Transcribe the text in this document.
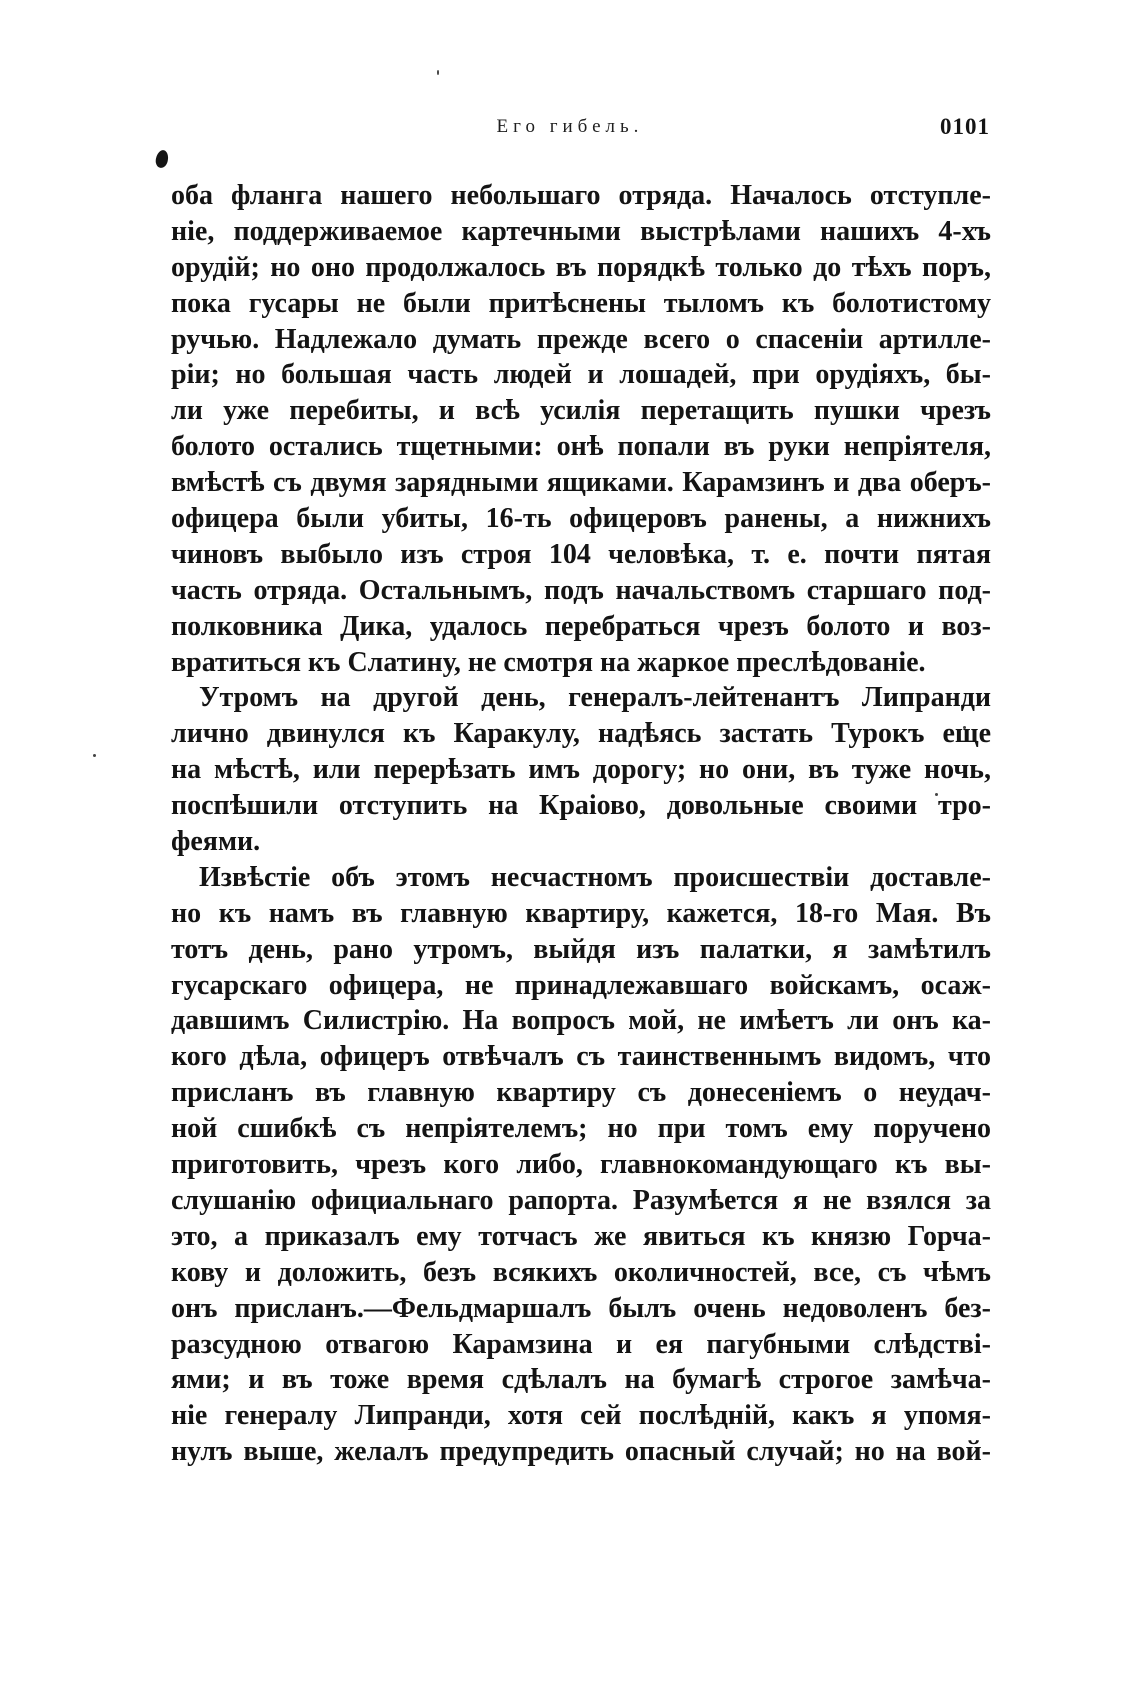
Его гибель.	0101
оба фланга нашего небольшаго отряда. Началось отступле-
ніе, поддерживаемое картечными выстрѣлами нашихъ 4-хъ
орудій; но оно продолжалось въ порядкѣ только до тѣхъ поръ,
пока гусары не были притѣснены тыломъ къ болотистому
ручью. Надлежало думать прежде всего о спасеніи артилле-
ріи; но большая часть людей и лошадей, при орудіяхъ, бы-
ли уже перебиты, и всѣ усилія перетащить пушки чрезъ
болото остались тщетными: онѣ попали въ руки непріятеля,
вмѣстѣ съ двумя зарядными ящиками. Карамзинъ и два оберъ-
офицера были убиты, 16-ть офицеровъ ранены, а нижнихъ
чиновъ выбыло изъ строя 104 человѣка, т. е. почти пятая
часть отряда. Остальнымъ, подъ начальствомъ старшаго под-
полковника Дика, удалось перебраться чрезъ болото и воз-
вратиться къ Слатину, не смотря на жаркое преслѣдованіе.
Утромъ на другой день, генералъ-лейтенантъ Липранди
лично двинулся къ Каракулу, надѣясь застать Турокъ еще
на мѣстѣ, или перерѣзать имъ дорогу; но они, въ туже ночь,
поспѣшили отступить на Краіово, довольные своими тро-
феями.
Извѣстіе объ этомъ несчастномъ происшествіи доставле-
но къ намъ въ главную квартиру, кажется, 18-го Мая. Въ
тотъ день, рано утромъ, выйдя изъ палатки, я замѣтилъ
гусарскаго офицера, не принадлежавшаго войскамъ, осаж-
давшимъ Силистрію. На вопросъ мой, не имѣетъ ли онъ ка-
кого дѣла, офицеръ отвѣчалъ съ таинственнымъ видомъ, что
присланъ въ главную квартиру съ донесеніемъ о неудач-
ной сшибкѣ съ непріятелемъ; но при томъ ему поручено
приготовить, чрезъ кого либо, главнокомандующаго къ вы-
слушанію официальнаго рапорта. Разумѣется я не взялся за
это, а приказалъ ему тотчасъ же явиться къ князю Горча-
кову и доложить, безъ всякихъ околичностей, все, съ чѣмъ
онъ присланъ.—Фельдмаршалъ былъ очень недоволенъ без-
разсудною отвагою Карамзина и ея пагубными слѣдстві-
ями; и въ тоже время сдѣлалъ на бумагѣ строгое замѣча-
ніе генералу Липранди, хотя сей послѣдній, какъ я упомя-
нулъ выше, желалъ предупредить опасный случай; но на вой-
